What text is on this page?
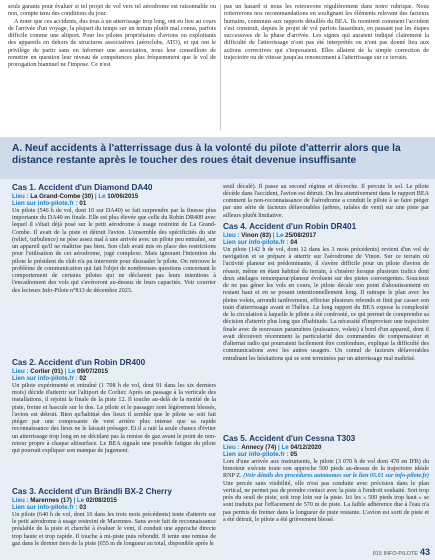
seuls garants pour évaluer si tel projet de vol vers tel aérodrome est raisonnable ou non, compte tenu des conditions du jour.

A noter que ces accidents, dus tous à un atterrissage trop long, ont eu lieu au cours de l'arrivée d'un voyage, la plupart du temps sur un terrain plutôt mal connu, parfois difficile comme une altiport. Pour les pilotes propriétaires d'avions ou exploitants des appareils en dehors de structures associatives (aéroclubs, ATO), et qui ont le privilège de partir sans en informer une association, nous leur conseillons de remettre en question leur niveau de compétences plus fréquemment que le vol de prorogation biannuel ne l'impose. Ce n'est

pas un hasard si nous les retrouvons régulièrement dans notre rubrique. Nous reiterrerons nos recommandations en soulignant les éléments relevant des facteurs humains, communs aux rapports détaillés du BEA. Ils montrent comment l'accident s'est construit, depuis le projet de vol parfois hasardeux, en passant par les étapes successives de la phase d'arrivée. Les signes qui auraient indiqué clairement la difficulté de l'atterrissage n'ont pas été interprétés ou n'ont pas donné lieu aux actions correctives qui s'imposaient. Elles allaient de la simple correction de trajectoire ou de vitesse jusqu'au renoncement à l'atterrissage sur ce terrain.

A. Neuf accidents à l'atterrissage dus à la volonté du pilote d'atterrir alors que la distance restante après le toucher des roues était devenue insuffisante

Cas 1. Accident d'un Diamond DA40

Lieu : La Grand-Combe (30) | Le 10/06/2015
Lien sur info-pilote.fr : 01

Un pilote (546 h de vol, dont 10 sur DA40) se fait surprendre par la finesse plus importante du DA40 en finale. Elle est plus élevée que celle du Robin DR400 avec lequel il s'était déjà posé sur le petit aérodrome à usage restreint de La Grand-Combe. Il avait de la piste et détruit l'avion. L'ensemble des spécificités du site (relief, turbulence) ne pèse assez mal à une arrivée avec un pilote peu entraîné, sur un appareil qu'il ne maîtrise pas bien. Son club avait mis en place des restrictions pour l'utilisation de cet aérodrome, jugé complexe. Mais ignorant l'intention du pilote le président du club n'a pu intervenir pour dissuader le pilote. On retrouve le problème de communication qui fait l'objet de nombreuses questions concernant le comportement de certains pilotes qui ne déclarent pas leurs intentions à l'encadrement des vols qui s'avèreront au-dessus de leurs capacités. Voir courrier des lecteurs Info-Pilote n°813 de décembre 2023.

Cas 2. Accident d'un Robin DR400

Lieu : Corlier (01) | Le 09/07/2015
Lien sur info-pilote.fr : 02

Un pilote expérimenté et entraîné (1 708 h de vol, dont 91 dans les six derniers mois) décide d'atterrir sur l'altiport de Corlier. Après un passage à la verticale des installations, il rejoint la finale de la piste 12. Il touche au-delà de la moitié de la piste, freine et bascule sur le dos. Le pilote et le passager sont légèrement blessés, l'avion est détruit. Bien qu'habitué des lieux il semble que le pilote se soit fait piéger par une composante de vent arrière plus intense que sa rapide reconnaissance des lieux ne le laissait présager. Et il a raté la seule chance d'éviter un atterrissage trop long en ne décidant pas la remise de gaz avant le point de non-retour propre à chaque altisurface. Le BEA signale une possible fatigue du pilote qui pourrait expliquer son manque de jugement.

Cas 3. Accident d'un Brändli BX-2 Cherry

Lieu : Marennes (17) | Le 02/08/2015
Lien sur info-pilote.fr : 03

Un pilote (640 h de vol, dont 16 dans les trois mois précédents) tente d'atterrir sur le petit aérodrome à usage restreint de Marennes. Sans avoir fait de reconnaissance préalable de la piste et cherché à évaluer le vent, il conduit une approche directe trop haute et trop rapide. Il touche à mi-piste puis rebondit. Il tente une remise de gaz dans le dernier tiers de la piste (655 m de longueur au total, disponible après le

seuil décalé). Il passe au second régime et décroche. Il percute le sol. Le pilote décède dans l'accident, l'avion est détruit. On lira attentivement dans le rapport BEA comment la non-reconnaissance de l'aérodrome a conduit le pilote à se faire piéger par une série de facteurs défavorables (arbres, rafales de vent) sur une piste par ailleurs plutôt limitative.

Cas 4. Accident d'un Robin DR401

Lieu : Vinon (83) | Le 25/08/2017
Lien sur info-pilote.fr : 04

Un pilote (142 h de vol, dont 12 dans les 3 mois précédents) revient d'un vol de navigation et se prépare à atterrir sur l'aérodrome de Vinon. Sur ce terrain où l'activité planeur est prédominante, il s'avère difficile pour un pilote d'avion de réussir, même en étant habitué du terrain, à s'insérer lorsque plusieurs trafics dont deux attelages remorqueur/planeur évoluent sur des pistes convergentes. Soucieux de ne pas gêner les vols en cours, le pilote décale son point d'aboutissement en restant haut et en se posant intentionnellement long. Il rattrape le plan avec les pleins volets, arrondit tardivement, effectue plusieurs rebonds et finit par casser son train d'atterrissage avant et l'hélice. Le long rapport du BEA expose la complexité de la circulation à laquelle le pilote a été confronté, ce qui permet de comprendre sa décision d'atterrir plus long que d'habitude. La nécessité d'improviser une trajectoire finale avec de nouveaux paramètres (puissance, volets) à bord d'un appareil, dont il avait découvert récemment la particularité des commandes de compensateur et d'alternat radio qui pourraient facilement être confondues, explique la difficulté des communications avec les autres usagers. Un cumul de facteurs défavorables entraînant les hésitations qui se sont terminées par un atterrissage mal maîtrisé.

Cas 5. Accident d'un Cessna T303

Lieu : Annecy (74) | Le 04/12/2020
Lien sur info-pilote.fr : 05

Lors d'une arrivée aux instruments, le pilote (3 070 h de vol dont 470 en IFR) du bimoteur exécute toute son approche 500 pieds au-dessus de la trajectoire idéale RNP Z. (Voir détails des procédures autonomes sur le lien 05.01 sur info-pilote.fr) Une percée sans visibilité, elle n'est pas conduite avec précision dans le plan vertical, ne permet pas de prendre contact avec la piste à l'endroit souhaité. Sort trop près du seuil de piste, soit trop loin sur la piste. Ici les « 500 pieds trop haut » se sont traduits par l'effacement de 570 m de piste. La faible adhérence due à l'eau n'a pas permis de freiner dans la longueur de piste restante. L'avion est sorti de piste et a été détruit, le pilote a été grièvement blessé.

815 INFO-PILOTE 43
